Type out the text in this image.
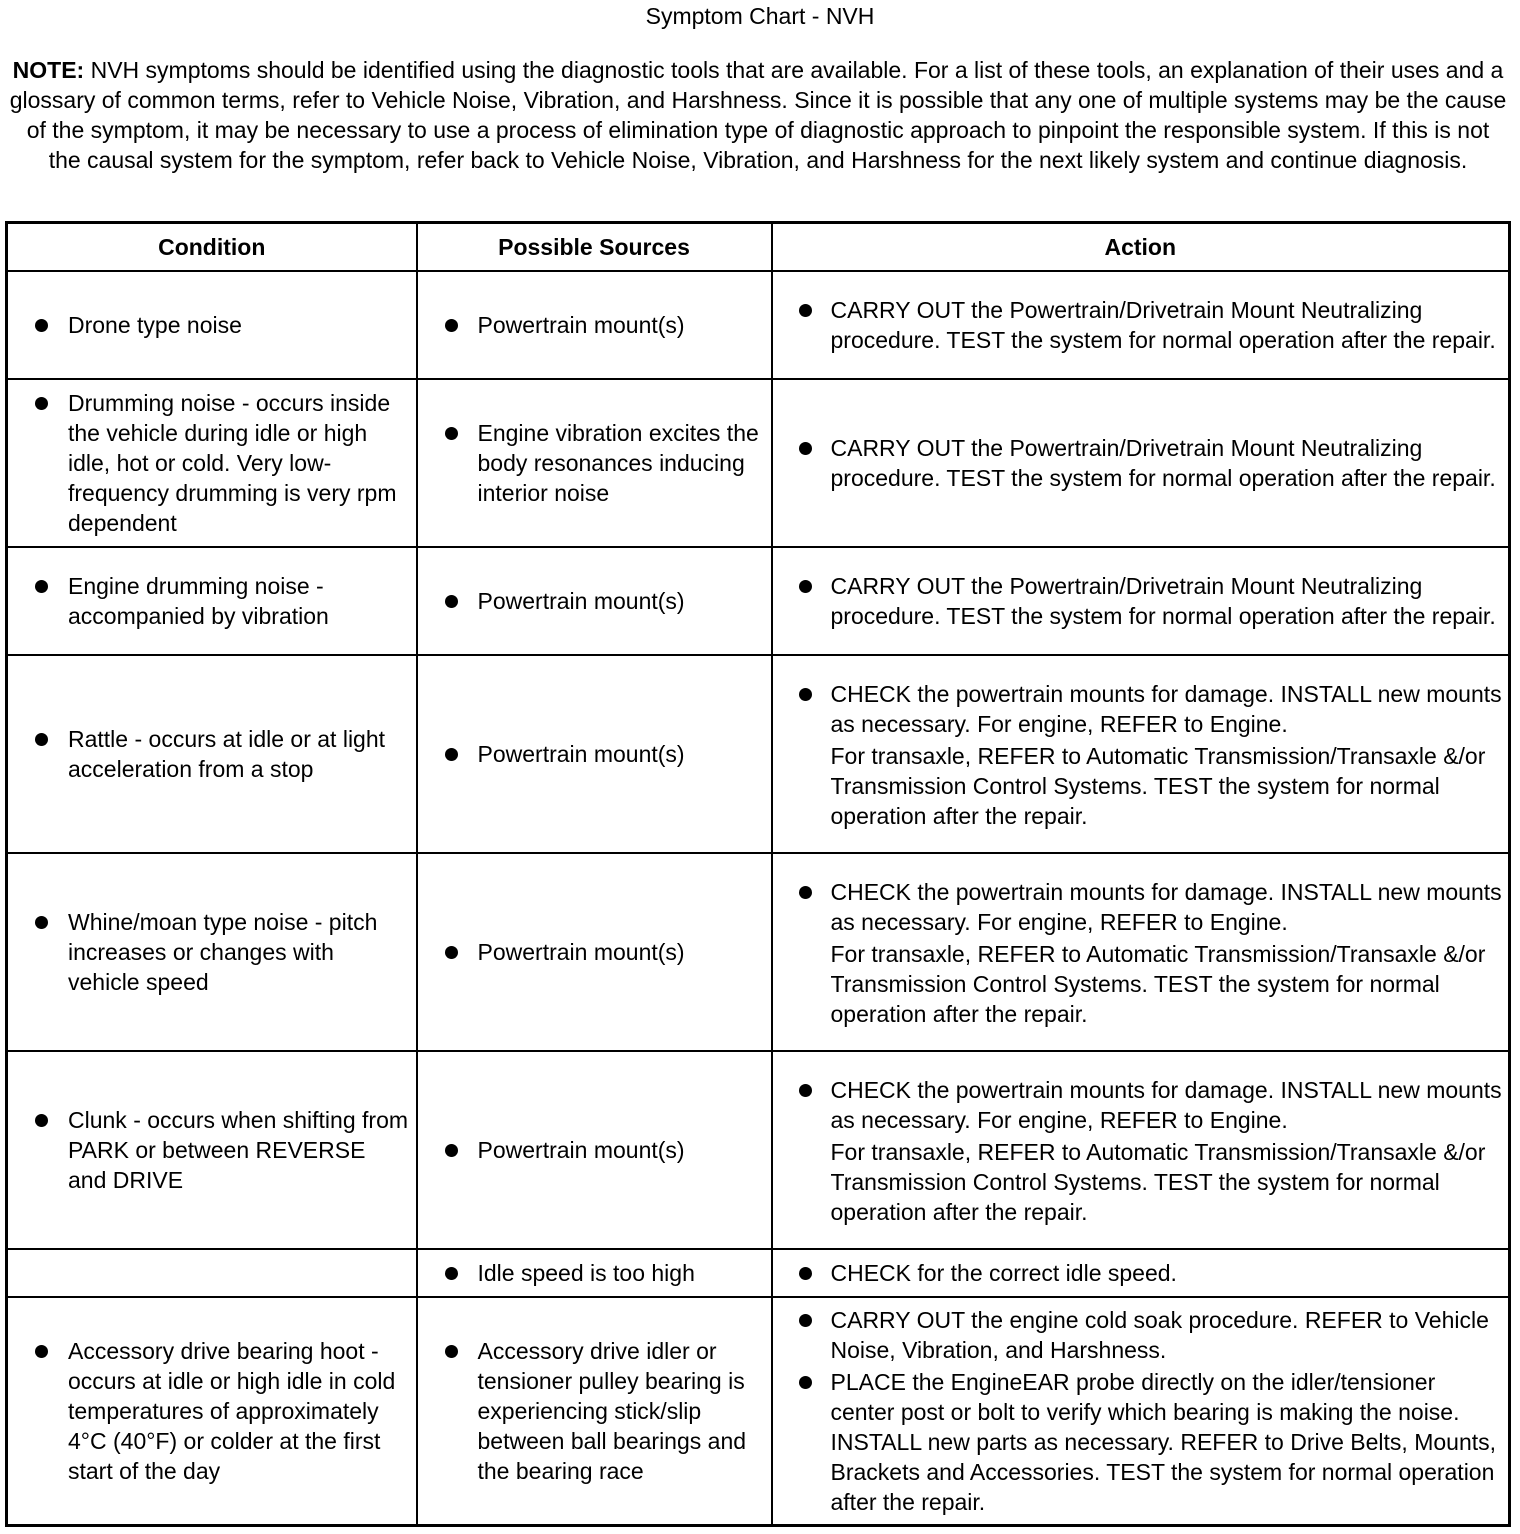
Symptom Chart - NVH
NOTE: NVH symptoms should be identified using the diagnostic tools that are available. For a list of these tools, an explanation of their uses and a glossary of common terms, refer to Vehicle Noise, Vibration, and Harshness. Since it is possible that any one of multiple systems may be the cause of the symptom, it may be necessary to use a process of elimination type of diagnostic approach to pinpoint the responsible system. If this is not the causal system for the symptom, refer back to Vehicle Noise, Vibration, and Harshness for the next likely system and continue diagnosis.
Condition	Possible Sources	Action

Drone type noise	Powertrain mount(s)	CARRY OUT the Powertrain/Drivetrain Mount Neutralizing procedure. TEST the system for normal operation after the repair.

Drumming noise - occurs inside the vehicle during idle or high idle, hot or cold. Very low-frequency drumming is very rpm dependent	Engine vibration excites the body resonances inducing interior noise	CARRY OUT the Powertrain/Drivetrain Mount Neutralizing procedure. TEST the system for normal operation after the repair.

Engine drumming noise - accompanied by vibration	Powertrain mount(s)	CARRY OUT the Powertrain/Drivetrain Mount Neutralizing procedure. TEST the system for normal operation after the repair.

Rattle - occurs at idle or at light acceleration from a stop	Powertrain mount(s)	CHECK the powertrain mounts for damage. INSTALL new mounts as necessary. For engine, REFER to Engine.
For transaxle, REFER to Automatic Transmission/Transaxle &/or Transmission Control Systems. TEST the system for normal operation after the repair.

Whine/moan type noise - pitch increases or changes with vehicle speed	Powertrain mount(s)	CHECK the powertrain mounts for damage. INSTALL new mounts as necessary. For engine, REFER to Engine.
For transaxle, REFER to Automatic Transmission/Transaxle &/or Transmission Control Systems. TEST the system for normal operation after the repair.

Clunk - occurs when shifting from PARK or between REVERSE and DRIVE	Powertrain mount(s)	CHECK the powertrain mounts for damage. INSTALL new mounts as necessary. For engine, REFER to Engine.
For transaxle, REFER to Automatic Transmission/Transaxle &/or Transmission Control Systems. TEST the system for normal operation after the repair.

	Idle speed is too high	CHECK for the correct idle speed.

Accessory drive bearing hoot - occurs at idle or high idle in cold temperatures of approximately 4°C (40°F) or colder at the first start of the day	Accessory drive idler or tensioner pulley bearing is experiencing stick/slip between ball bearings and the bearing race	CARRY OUT the engine cold soak procedure. REFER to Vehicle Noise, Vibration, and Harshness.
PLACE the EngineEAR probe directly on the idler/tensioner center post or bolt to verify which bearing is making the noise. INSTALL new parts as necessary. REFER to Drive Belts, Mounts, Brackets and Accessories. TEST the system for normal operation after the repair.
